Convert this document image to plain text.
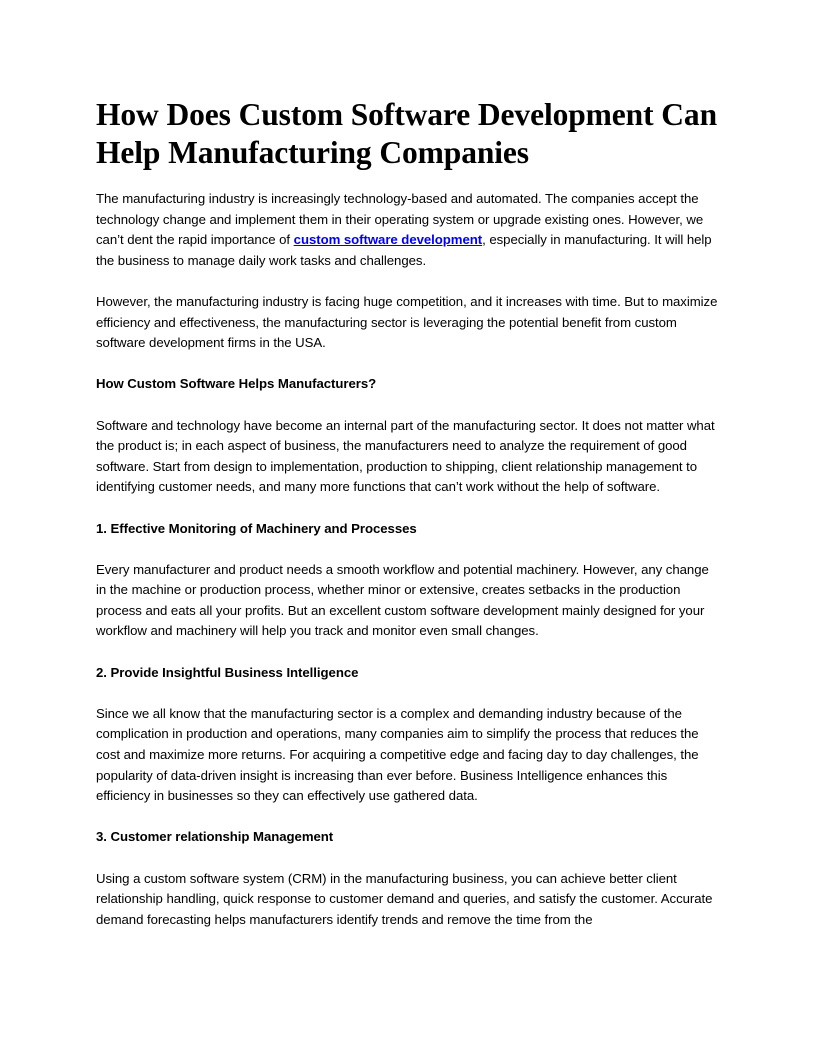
How Does Custom Software Development Can Help Manufacturing Companies

The manufacturing industry is increasingly technology-based and automated. The companies accept the technology change and implement them in their operating system or upgrade existing ones. However, we can’t dent the rapid importance of custom software development, especially in manufacturing. It will help the business to manage daily work tasks and challenges.

However, the manufacturing industry is facing huge competition, and it increases with time. But to maximize efficiency and effectiveness, the manufacturing sector is leveraging the potential benefit from custom software development firms in the USA.

How Custom Software Helps Manufacturers?

Software and technology have become an internal part of the manufacturing sector. It does not matter what the product is; in each aspect of business, the manufacturers need to analyze the requirement of good software. Start from design to implementation, production to shipping, client relationship management to identifying customer needs, and many more functions that can’t work without the help of software.

1. Effective Monitoring of Machinery and Processes

Every manufacturer and product needs a smooth workflow and potential machinery. However, any change in the machine or production process, whether minor or extensive, creates setbacks in the production process and eats all your profits. But an excellent custom software development mainly designed for your workflow and machinery will help you track and monitor even small changes.

2. Provide Insightful Business Intelligence

Since we all know that the manufacturing sector is a complex and demanding industry because of the complication in production and operations, many companies aim to simplify the process that reduces the cost and maximize more returns. For acquiring a competitive edge and facing day to day challenges, the popularity of data-driven insight is increasing than ever before. Business Intelligence enhances this efficiency in businesses so they can effectively use gathered data.

3. Customer relationship Management

Using a custom software system (CRM) in the manufacturing business, you can achieve better client relationship handling, quick response to customer demand and queries, and satisfy the customer. Accurate demand forecasting helps manufacturers identify trends and remove the time from the
